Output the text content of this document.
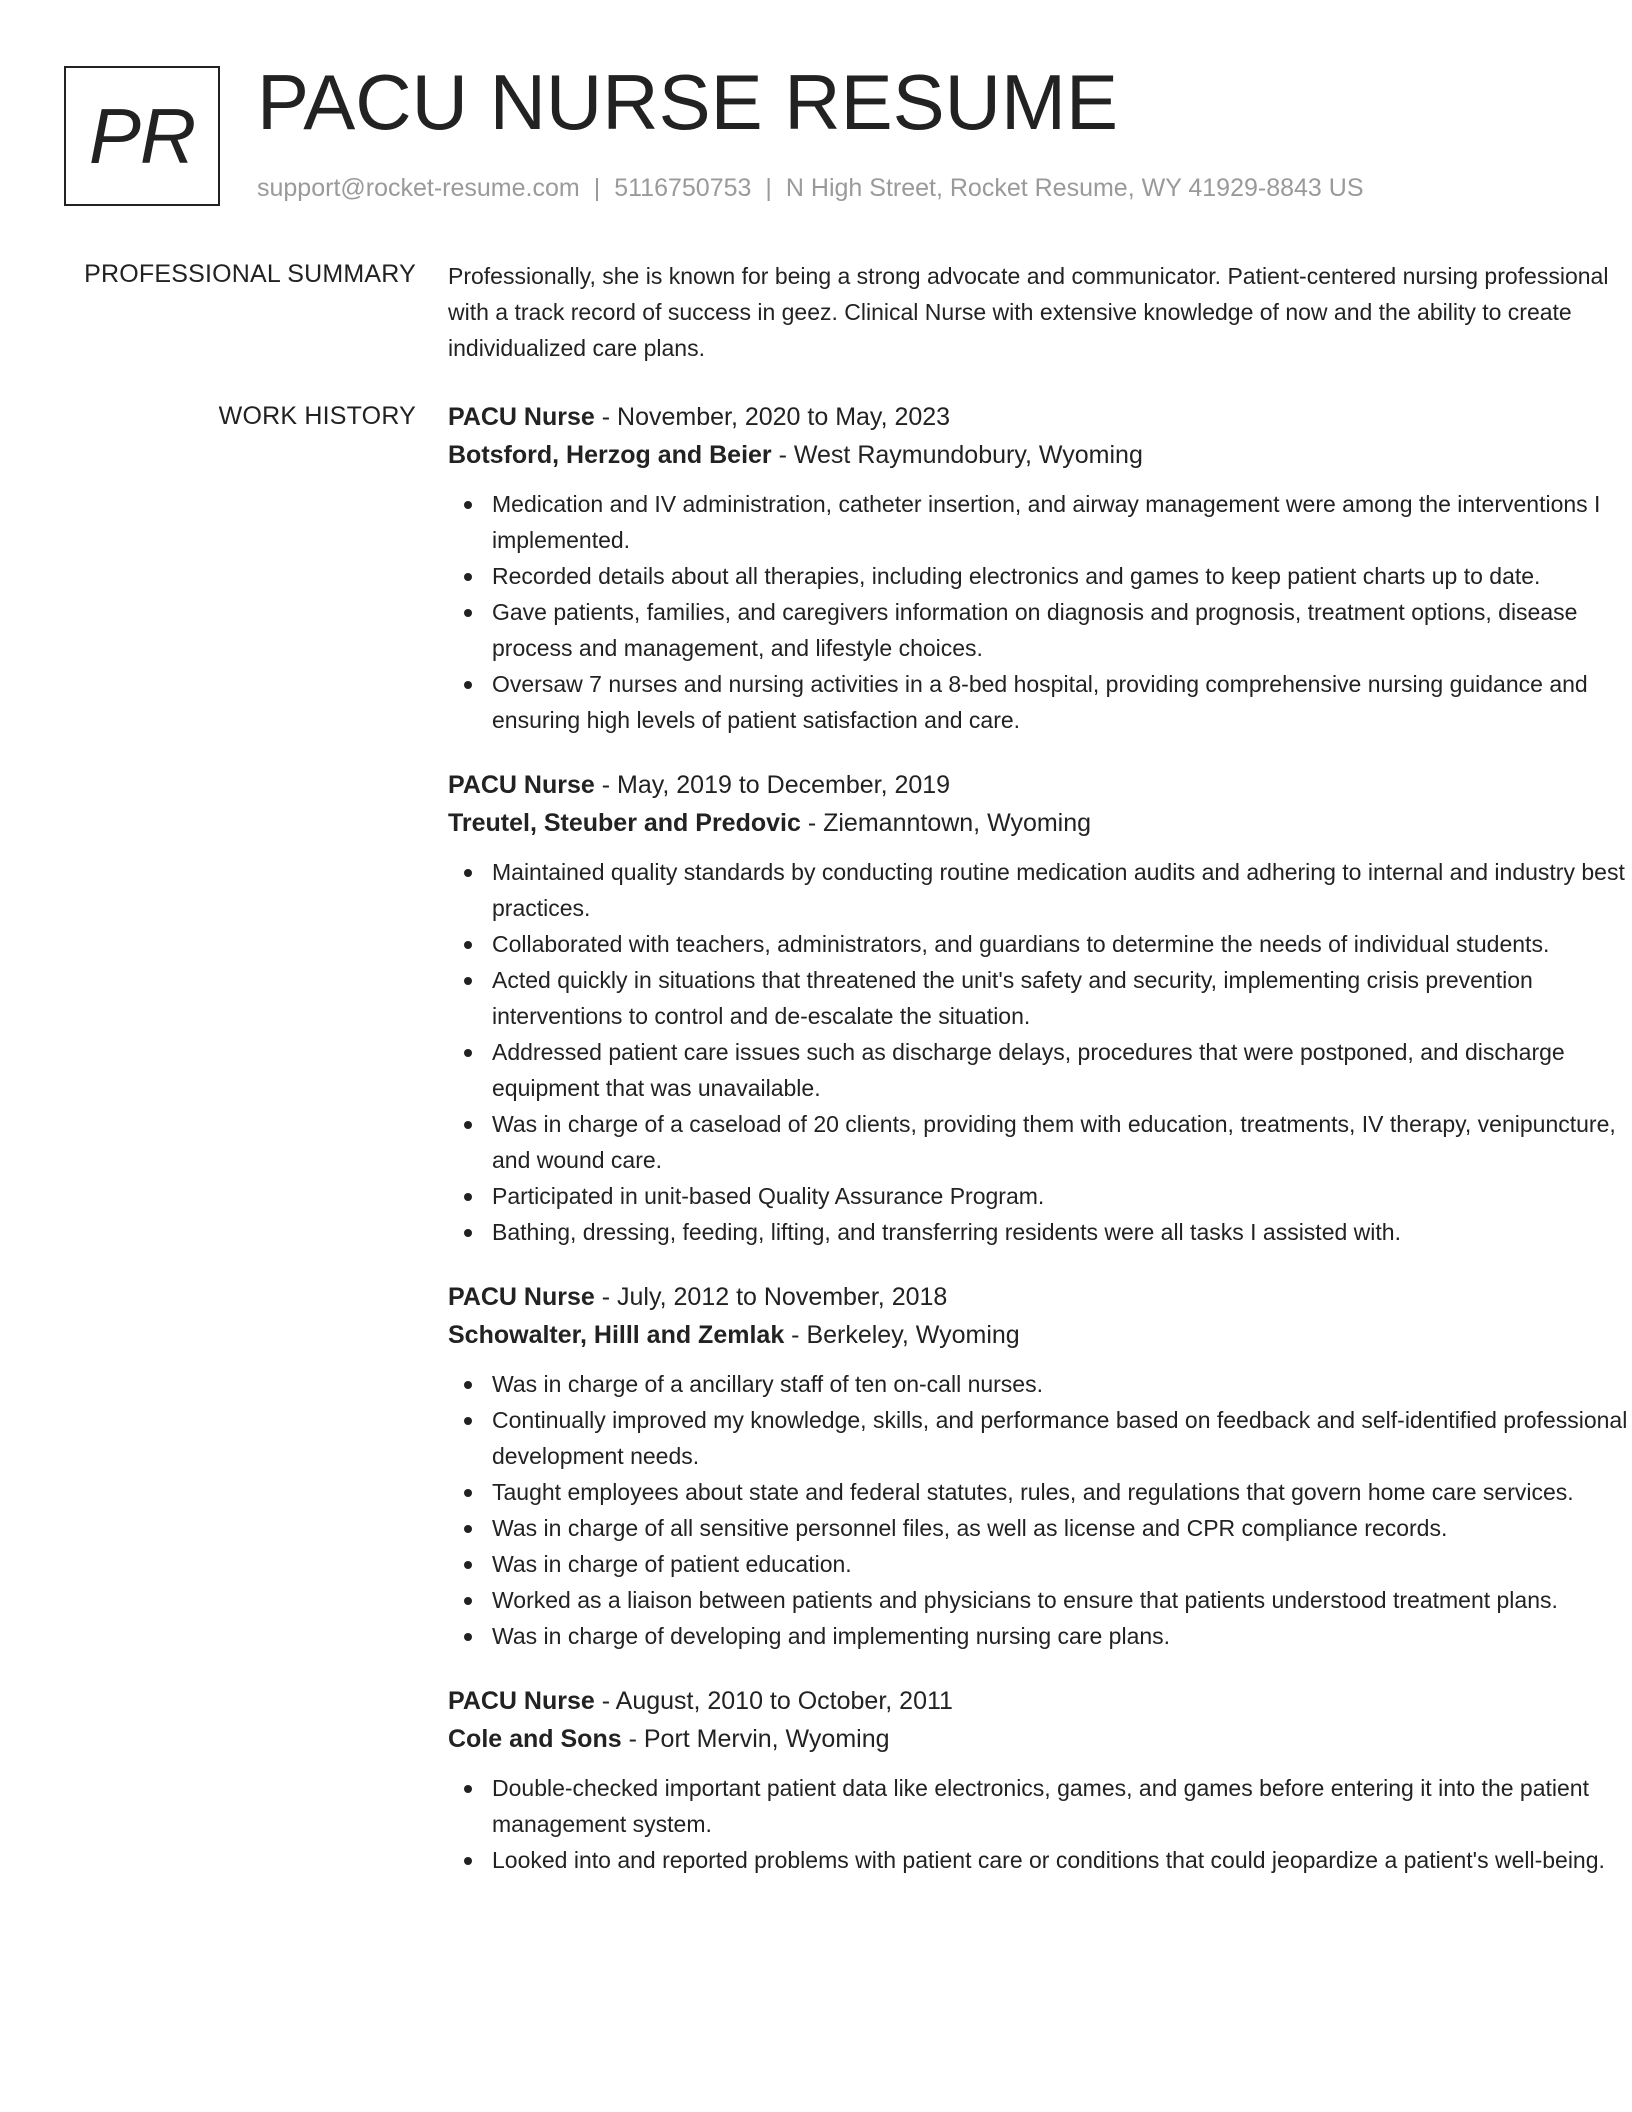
PR PACU NURSE RESUME
support@rocket-resume.com | 5116750753 | N High Street, Rocket Resume, WY 41929-8843 US
PROFESSIONAL SUMMARY Professionally, she is known for being a strong advocate and communicator. Patient-centered nursing professional with a track record of success in geez. Clinical Nurse with extensive knowledge of now and the ability to create individualized care plans.

WORK HISTORY PACU Nurse - November, 2020 to May, 2023
Botsford, Herzog and Beier - West Raymundobury, Wyoming
Medication and IV administration, catheter insertion, and airway management were among the interventions I implemented.
Recorded details about all therapies, including electronics and games to keep patient charts up to date.
Gave patients, families, and caregivers information on diagnosis and prognosis, treatment options, disease process and management, and lifestyle choices.
Oversaw 7 nurses and nursing activities in a 8-bed hospital, providing comprehensive nursing guidance and ensuring high levels of patient satisfaction and care.
PACU Nurse - May, 2019 to December, 2019
Treutel, Steuber and Predovic - Ziemanntown, Wyoming
Maintained quality standards by conducting routine medication audits and adhering to internal and industry best practices.
Collaborated with teachers, administrators, and guardians to determine the needs of individual students.
Acted quickly in situations that threatened the unit's safety and security, implementing crisis prevention interventions to control and de-escalate the situation.
Addressed patient care issues such as discharge delays, procedures that were postponed, and discharge equipment that was unavailable.
Was in charge of a caseload of 20 clients, providing them with education, treatments, IV therapy, venipuncture, and wound care.
Participated in unit-based Quality Assurance Program.
Bathing, dressing, feeding, lifting, and transferring residents were all tasks I assisted with.
PACU Nurse - July, 2012 to November, 2018
Schowalter, Hilll and Zemlak - Berkeley, Wyoming
Was in charge of a ancillary staff of ten on-call nurses.
Continually improved my knowledge, skills, and performance based on feedback and self-identified professional development needs.
Taught employees about state and federal statutes, rules, and regulations that govern home care services.
Was in charge of all sensitive personnel files, as well as license and CPR compliance records.
Was in charge of patient education.
Worked as a liaison between patients and physicians to ensure that patients understood treatment plans.
Was in charge of developing and implementing nursing care plans.
PACU Nurse - August, 2010 to October, 2011
Cole and Sons - Port Mervin, Wyoming
Double-checked important patient data like electronics, games, and games before entering it into the patient management system.
Looked into and reported problems with patient care or conditions that could jeopardize a patient's well-being.
